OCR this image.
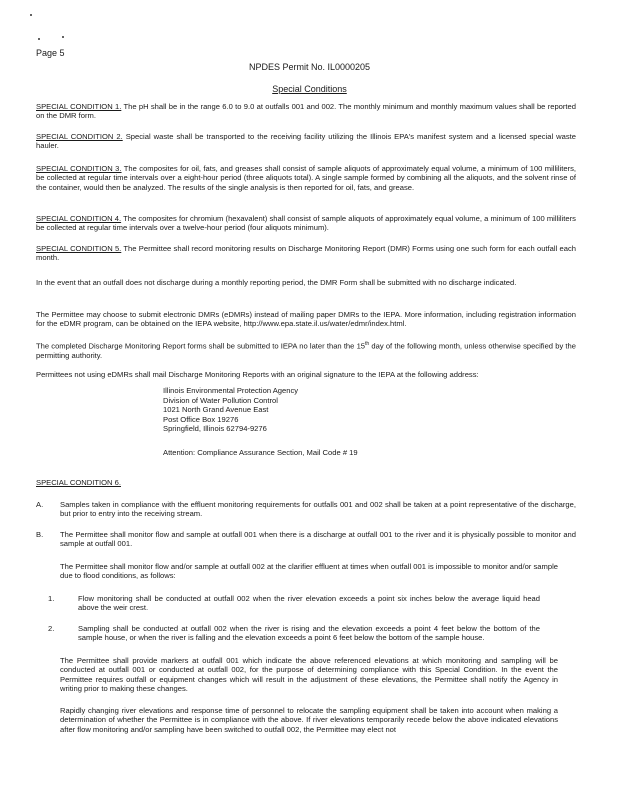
Page 5
NPDES Permit No. IL0000205
Special Conditions
SPECIAL CONDITION 1. The pH shall be in the range 6.0 to 9.0 at outfalls 001 and 002. The monthly minimum and monthly maximum values shall be reported on the DMR form.
SPECIAL CONDITION 2. Special waste shall be transported to the receiving facility utilizing the Illinois EPA's manifest system and a licensed special waste hauler.
SPECIAL CONDITION 3. The composites for oil, fats, and greases shall consist of sample aliquots of approximately equal volume, a minimum of 100 milliliters, be collected at regular time intervals over a eight-hour period (three aliquots total). A single sample formed by combining all the aliquots, and the solvent rinse of the container, would then be analyzed. The results of the single analysis is then reported for oil, fats, and grease.
SPECIAL CONDITION 4. The composites for chromium (hexavalent) shall consist of sample aliquots of approximately equal volume, a minimum of 100 milliliters be collected at regular time intervals over a twelve-hour period (four aliquots minimum).
SPECIAL CONDITION 5. The Permittee shall record monitoring results on Discharge Monitoring Report (DMR) Forms using one such form for each outfall each month.
In the event that an outfall does not discharge during a monthly reporting period, the DMR Form shall be submitted with no discharge indicated.
The Permittee may choose to submit electronic DMRs (eDMRs) instead of mailing paper DMRs to the IEPA. More information, including registration information for the eDMR program, can be obtained on the IEPA website, http://www.epa.state.il.us/water/edmr/index.html.
The completed Discharge Monitoring Report forms shall be submitted to IEPA no later than the 15th day of the following month, unless otherwise specified by the permitting authority.
Permittees not using eDMRs shall mail Discharge Monitoring Reports with an original signature to the IEPA at the following address:
Illinois Environmental Protection Agency
Division of Water Pollution Control
1021 North Grand Avenue East
Post Office Box 19276
Springfield, Illinois 62794-9276
Attention: Compliance Assurance Section, Mail Code # 19
SPECIAL CONDITION 6.
A. Samples taken in compliance with the effluent monitoring requirements for outfalls 001 and 002 shall be taken at a point representative of the discharge, but prior to entry into the receiving stream.
B. The Permittee shall monitor flow and sample at outfall 001 when there is a discharge at outfall 001 to the river and it is physically possible to monitor and sample at outfall 001.
The Permittee shall monitor flow and/or sample at outfall 002 at the clarifier effluent at times when outfall 001 is impossible to monitor and/or sample due to flood conditions, as follows:
1.	Flow monitoring shall be conducted at outfall 002 when the river elevation exceeds a point six inches below the average liquid head above the weir crest.
2.	Sampling shall be conducted at outfall 002 when the river is rising and the elevation exceeds a point 4 feet below the bottom of the sample house, or when the river is falling and the elevation exceeds a point 6 feet below the bottom of the sample house.
The Permittee shall provide markers at outfall 001 which indicate the above referenced elevations at which monitoring and sampling will be conducted at outfall 001 or conducted at outfall 002, for the purpose of determining compliance with this Special Condition. In the event the Permittee requires outfall or equipment changes which will result in the adjustment of these elevations, the Permittee shall notify the Agency in writing prior to making these changes.
Rapidly changing river elevations and response time of personnel to relocate the sampling equipment shall be taken into account when making a determination of whether the Permittee is in compliance with the above. If river elevations temporarily recede below the above indicated elevations after flow monitoring and/or sampling have been switched to outfall 002, the Permittee may elect not
